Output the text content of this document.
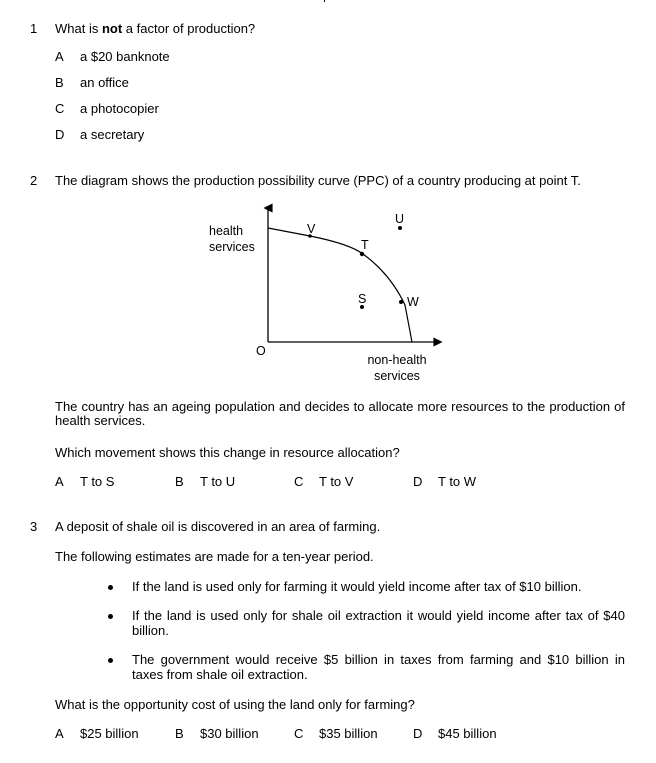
1 What is not a factor of production?
A a $20 banknote
B an office
C a photocopier
D a secretary
2 The diagram shows the production possibility curve (PPC) of a country producing at point T.
health
services
non-health
services
O
V
T
U
S	W
The country has an ageing population and decides to allocate more resources to the production of health services.
Which movement shows this change in resource allocation?
A T to S	B T to U	C T to V	D T to W
3 A deposit of shale oil is discovered in an area of farming.
The following estimates are made for a ten-year period.
If the land is used only for farming it would yield income after tax of $10 billion.
If the land is used only for shale oil extraction it would yield income after tax of $40 billion.
The government would receive $5 billion in taxes from farming and $10 billion in taxes from shale oil extraction.
What is the opportunity cost of using the land only for farming?
A $25 billion	B $30 billion	C $35 billion	D $45 billion
